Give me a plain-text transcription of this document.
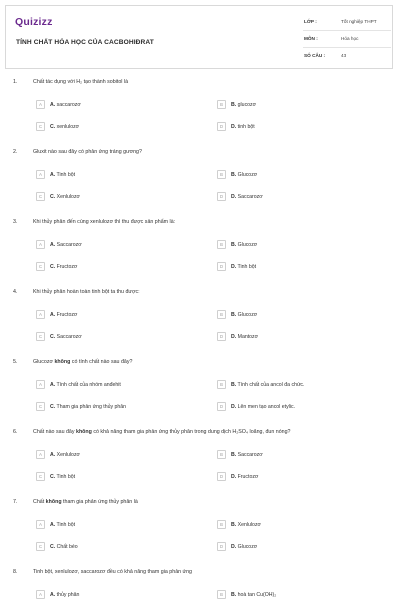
Quizizz
TÍNH CHẤT HÓA HỌC CỦA CACBOHIĐRAT
LỚP :	Tốt nghiệp THPT
MÔN :	Hóa học
SỐ CÂU :	43
1.	Chất tác dụng với H₂ tạo thành sobitol là
A	A. saccarozơ	B	B. glucozơ
C	C. xenlulozơ	D	D. tinh bột
2.	Gluxit nào sau đây có phản ứng tráng gương?
A	A. Tinh bột	B	B. Glucozơ
C	C. Xenlulozơ	D	D. Saccarozơ
3.	Khi thủy phân đến cùng xenlulozơ thì thu được sản phẩm là:
A	A. Saccarozơ	B	B. Glucozơ
C	C. Fructozơ	D	D. Tinh bột
4.	Khi thủy phân hoàn toàn tinh bột ta thu được:
A	A. Fructozơ	B	B. Glucozơ
C	C. Saccarozơ	D	D. Mantozơ
5.	Glucozơ không có tính chất nào sau đây?
A	A. Tính chất của nhóm anđehit	B	B. Tính chất của ancol đa chức.
C	C. Tham gia phản ứng thủy phân	D	D. Lên men tạo ancol etylic.
6.	Chất nào sau đây không có khả năng tham gia phản ứng thủy phân trong dung dịch H₂SO₄ loãng, đun nóng?
A	A. Xenlulozơ	B	B. Saccarozơ
C	C. Tinh bột	D	D. Fructozơ
7.	Chất không tham gia phản ứng thủy phân là
A	A. Tinh bột	B	B. Xenlulozơ
C	C. Chất béo	D	D. Glucozơ
8.	Tinh bột, xenlulozơ, saccarozơ đều có khả năng tham gia phản ứng
A	A. thủy phân	B	B. hoà tan Cu(OH)₂
